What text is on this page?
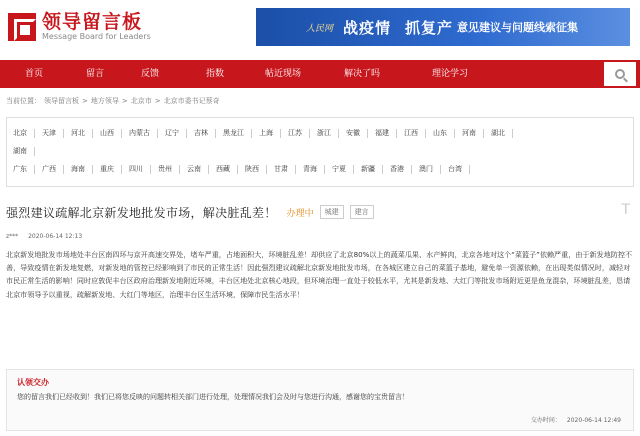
领导留言板
Message Board for Leaders
人民网 战疫情 抓复产 意见建议与问题线索征集
首页	留言	反馈	指数	帖近现场	解决了吗	理论学习
当前位置： 领导留言板 > 地方领导 > 北京市 > 北京市委书记蔡奇
北京	天津	河北	山西	内蒙古	辽宁	吉林	黑龙江	上海	江苏	浙江	安徽	福建	江西	山东	河南	湖北
湖南
广东	广西	海南	重庆	四川	贵州	云南	西藏	陕西	甘肃	青海	宁夏	新疆	香港	澳门	台湾
强烈建议疏解北京新发地批发市场，解决脏乱差！ 办理中	城建	建言	T
z*** 2020-06-14 12:13
北京新发地批发市场地处丰台区南四环与京开高速交界处，堵车严重，占地面积大，环境脏乱差！却供应了北京80%以上的蔬菜瓜果、水产鲜肉，北京各地对这个“菜篮子”依赖严重，由于新发地防控不善，导致疫情在新发地复燃，对新发地的管控已经影响到了市民的正常生活！因此强烈建议疏解北京新发地批发市场，在各城区建立自己的菜篮子基地，避免单一资源依赖，在出现类似情况时，减轻对市民正常生活的影响！同时应敦促丰台区政府治理新发地附近环境，丰台区地处北京核心地段，但环境治理一直处于较低水平，尤其是新发地、大红门等批发市场附近更是鱼龙混杂，环境脏乱差，恳请北京市领导予以重视，疏解新发地、大红门等地区，治理丰台区生活环境，保障市民生活水平！
认领交办
您的留言我们已经收到！我们已将您反映的问题转相关部门进行处理，处理情况我们会及时与您进行沟通，感谢您的宝贵留言！
交办时间： 2020-06-14 12:49
